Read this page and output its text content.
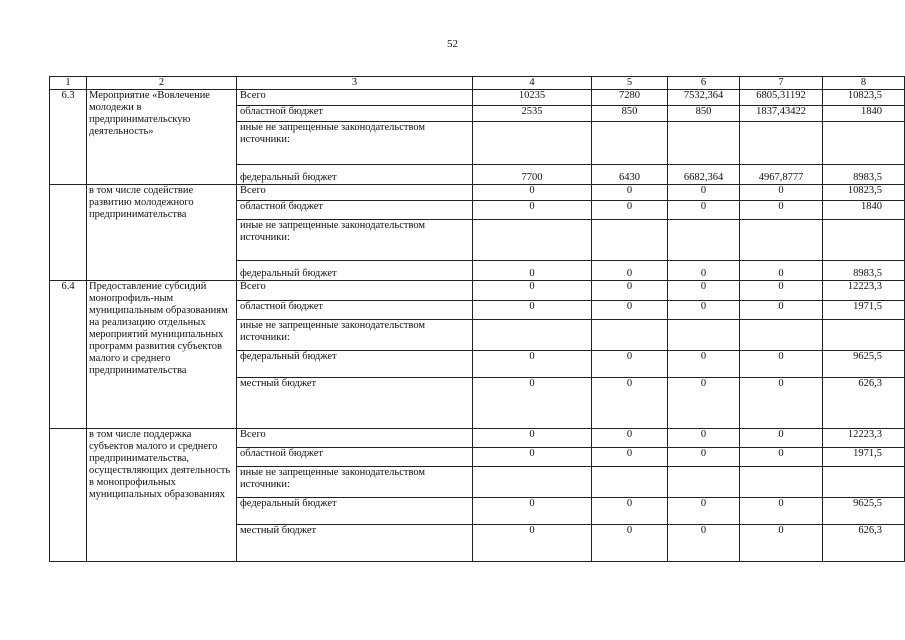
52
1	2	3	4	5	6	7	8
6.3	Мероприятие «Вовлечение молодежи в предпринимательскую деятельность»	Всего	10235	7280	7532,364	6805,31192	10823,5
		областной бюджет	2535	850	850	1837,43422	1840
		иные не запрещенные законодательством источники:					
		федеральный бюджет	7700	6430	6682,364	4967,8777	8983,5
	в том числе содействие развитию молодежного предпринимательства	Всего	0	0	0	0	10823,5
		областной бюджет	0	0	0	0	1840
		иные не запрещенные законодательством источники:					
		федеральный бюджет	0	0	0	0	8983,5
6.4	Предоставление субсидий монопрофиль-ным муниципальным образованиям на реализацию отдельных мероприятий муниципальных программ развития субъектов малого и среднего предпринимательства	Всего	0	0	0	0	12223,3
		областной бюджет	0	0	0	0	1971,5
		иные не запрещенные законодательством источники:					
		федеральный бюджет	0	0	0	0	9625,5
		местный бюджет	0	0	0	0	626,3
	в том числе поддержка субъектов малого и среднего предпринимательства, осуществляющих деятельность в монопрофильных муниципальных образованиях	Всего	0	0	0	0	12223,3
		областной бюджет	0	0	0	0	1971,5
		иные не запрещенные законодательством источники:					
		федеральный бюджет	0	0	0	0	9625,5
		местный бюджет	0	0	0	0	626,3
